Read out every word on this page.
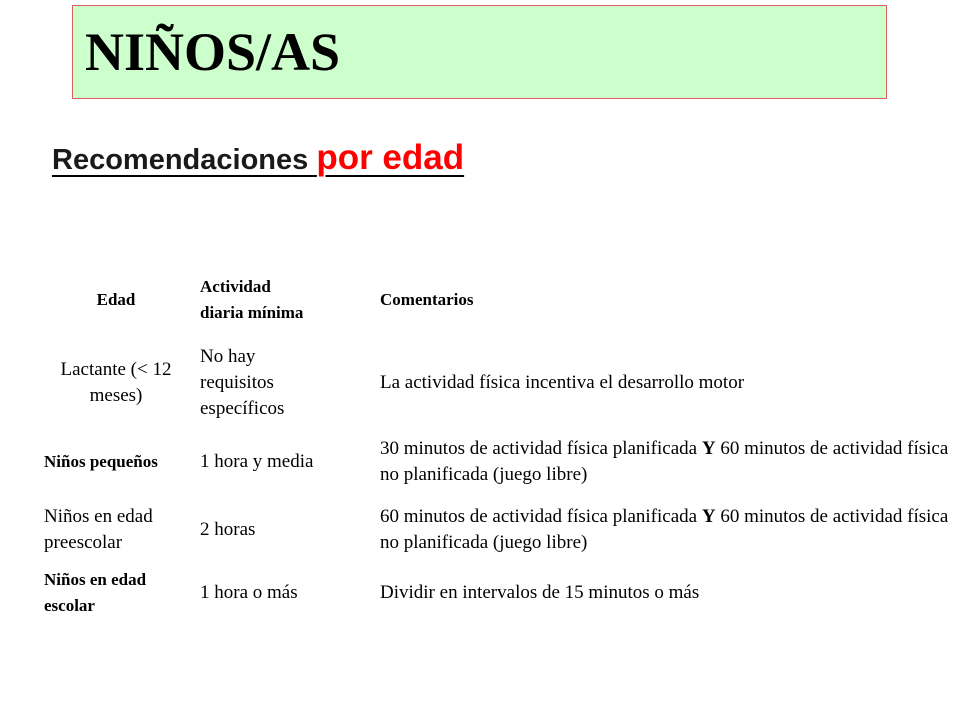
NIÑOS/AS
Recomendaciones por edad
Edad
Actividad diaria mínima
Comentarios
Lactante (< 12 meses)
No hay requisitos específicos
La actividad física incentiva el desarrollo motor
Niños pequeños	1 hora y media
30 minutos de actividad física planificada Y 60 minutos de actividad física no planificada (juego libre)
Niños en edad preescolar
2 horas
60 minutos de actividad física planificada Y 60 minutos de actividad física no planificada (juego libre)
Niños en edad escolar
1 hora o más	Dividir en intervalos de 15 minutos o más
